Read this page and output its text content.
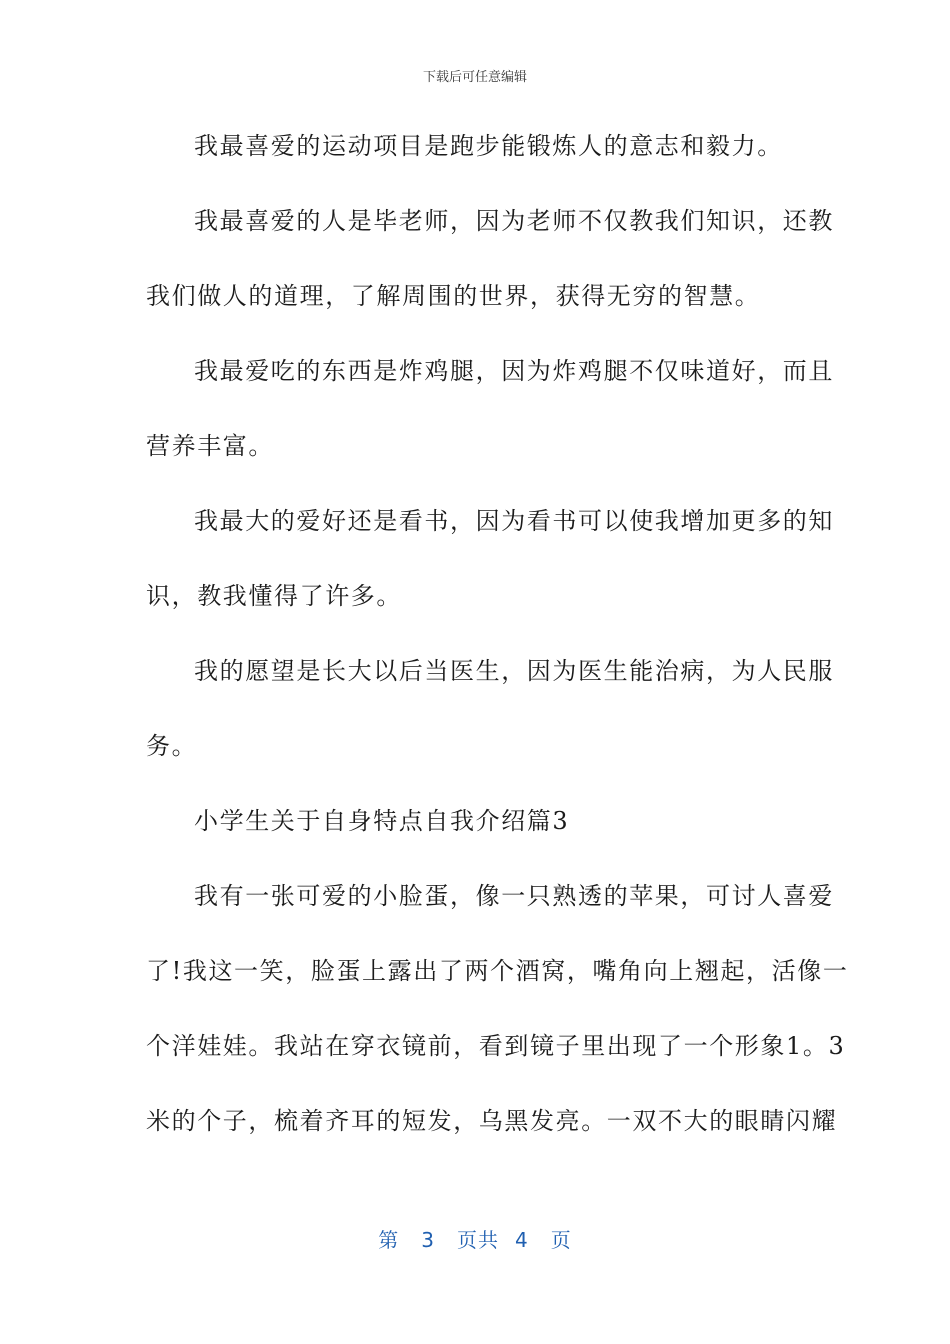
下载后可任意编辑
我最喜爱的运动项目是跑步能锻炼人的意志和毅力。
我最喜爱的人是毕老师，因为老师不仅教我们知识，还教
我们做人的道理，了解周围的世界，获得无穷的智慧。
我最爱吃的东西是炸鸡腿，因为炸鸡腿不仅味道好，而且
营养丰富。
我最大的爱好还是看书，因为看书可以使我增加更多的知
识，教我懂得了许多。
我的愿望是长大以后当医生，因为医生能治病，为人民服
务。
小学生关于自身特点自我介绍篇3
我有一张可爱的小脸蛋，像一只熟透的苹果，可讨人喜爱
了!我这一笑，脸蛋上露出了两个酒窝，嘴角向上翘起，活像一
个洋娃娃。我站在穿衣镜前，看到镜子里出现了一个形象1。3
米的个子，梳着齐耳的短发，乌黑发亮。一双不大的眼睛闪耀
第 3 页共 4 页
